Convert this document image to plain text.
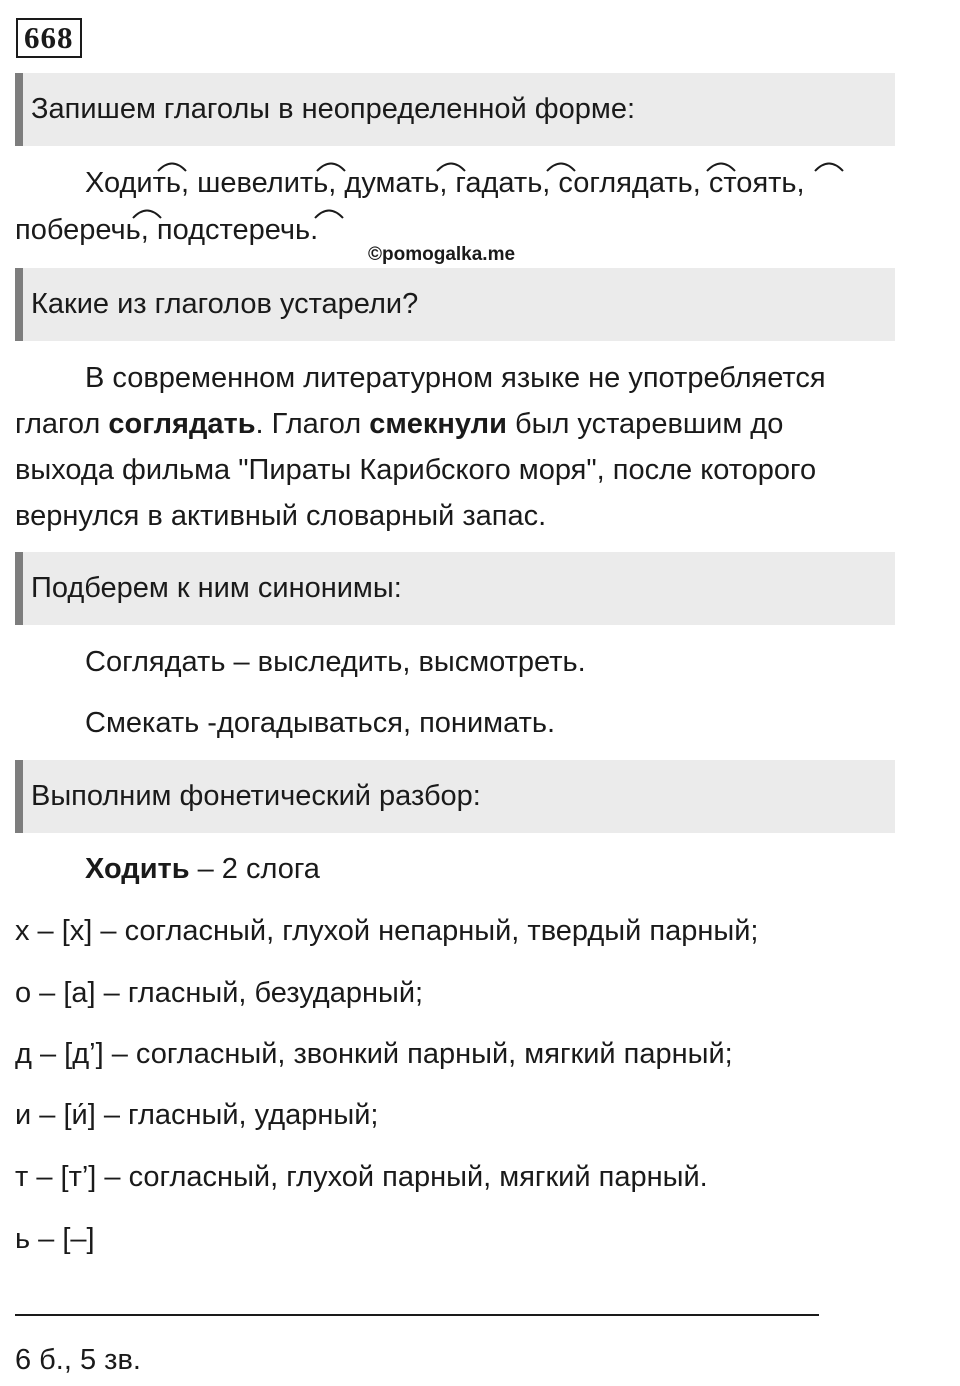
668
Запишем глаголы в неопределенной форме:
Ходить, шевелить, думать, гадать, соглядать, стоять,
поберечь, подстеречь.
©pomogalka.me
Какие из глаголов устарели?
В современном литературном языке не употребляется
глагол соглядать. Глагол смекнули был устаревшим до
выхода фильма "Пираты Карибского моря", после которого
вернулся в активный словарный запас.
Подберем к ним синонимы:
Соглядать – выследить, высмотреть.
Смекать -догадываться, понимать.
Выполним фонетический разбор:
Ходить – 2 слога
х – [х] – согласный, глухой непарный, твердый парный;
о – [а] – гласный, безударный;
д – [д’] – согласный, звонкий парный, мягкий парный;
и – [и́] – гласный, ударный;
т – [т’] – согласный, глухой парный, мягкий парный.
ь – [–]
6 б., 5 зв.
